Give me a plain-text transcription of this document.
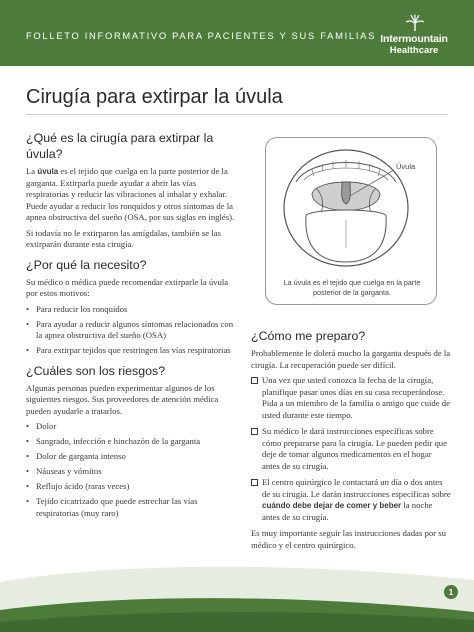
FOLLETO INFORMATIVO PARA PACIENTES Y SUS FAMILIAS Intermountain
Healthcare
Cirugía para extirpar la úvula
¿Qué es la cirugía para extirpar la úvula?

La úvula es el tejido que cuelga en la parte posterior de la garganta. Extirparla puede ayudar a abrir las vías respiratorias y reducir las vibraciones al inhalar y exhalar. Puede ayudar a reducir los ronquidos y otros síntomas de la apnea obstructiva del sueño (OSA, por sus siglas en inglés).

Si todavía no le extirparon las amígdalas, también se las extirparán durante esta cirugía.

¿Por qué la necesito?

Su médico o médica puede recomendar extirparle la úvula por estos motivos:

• Para reducir los ronquidos
• Para ayudar a reducir algunos síntomas relacionados con la apnea obstructiva del sueño (OSA)
• Para extirpar tejidos que restringen las vías respiratorias
¿Cuáles son los riesgos?

Algunas personas pueden experimentar algunos de los siguientes riesgos. Sus proveedores de atención médica pueden ayudarle a tratarlos.

• Dolor
• Sangrado, infección e hinchazón de la garganta
• Dolor de garganta intenso
• Náuseas y vómitos
• Reflujo ácido (raras veces)
• Tejido cicatrizado que puede estrechar las vías respiratorias (muy raro)
Úvula
La úvula es el tejido que cuelga en la parte posterior de la garganta.
¿Cómo me preparo?

Probablemente le dolerá mucho la garganta después de la cirugía. La recuperación puede ser difícil.

Una vez que usted conozca la fecha de la cirugía, planifique pasar unos días en su casa recuperándose. Pida a un miembro de la familia o amigo que cuide de usted durante este tiempo.
Su médico le dará instrucciones específicas sobre cómo prepararse para la cirugía. Le pueden pedir que deje de tomar algunos medicamentos en el hogar antes de su cirugía.
El centro quirúrgico le contactará un día o dos antes de su cirugía. Le darán instrucciones específicas sobre cuándo debe dejar de comer y beber la noche antes de su cirugía.

Es muy importante seguir las instrucciones dadas por su médico y el centro quirúrgico.

1
